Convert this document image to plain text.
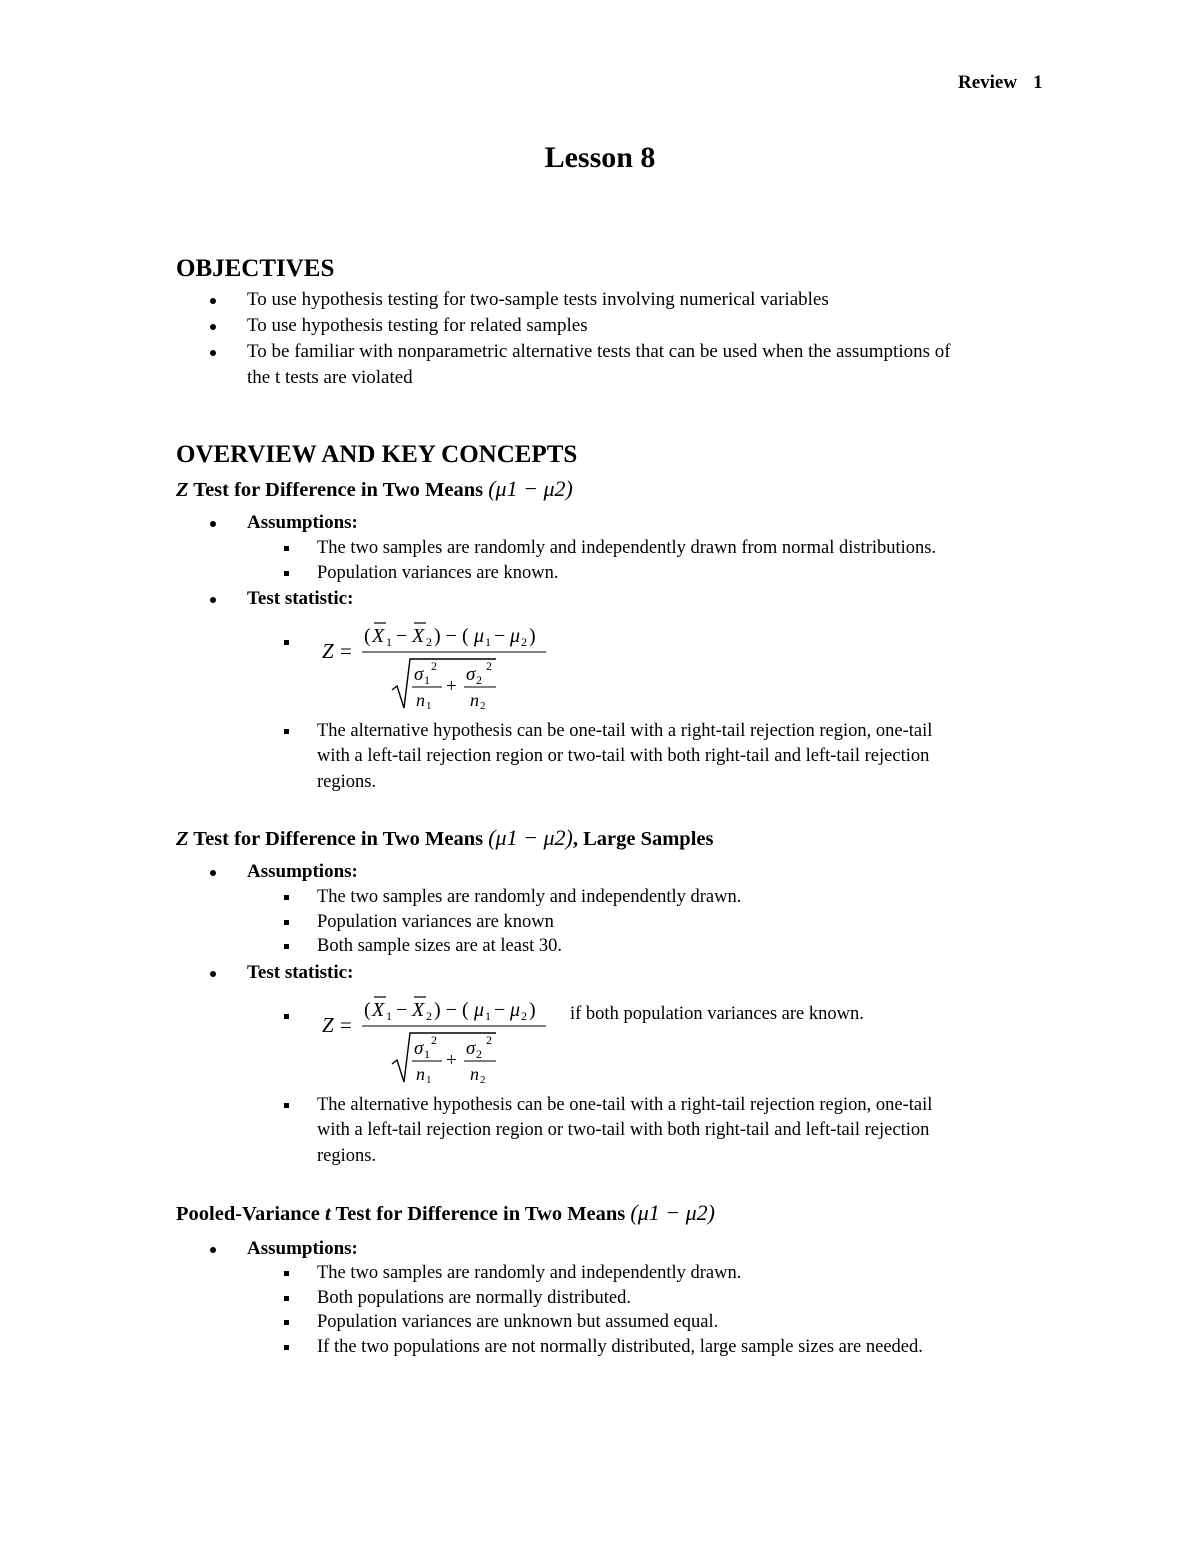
Review 1
Lesson 8
OBJECTIVES
To use hypothesis testing for two-sample tests involving numerical variables
To use hypothesis testing for related samples
To be familiar with nonparametric alternative tests that can be used when the assumptions of
the t tests are violated
OVERVIEW AND KEY CONCEPTS
Z Test for Difference in Two Means (μ1 − μ2)
Assumptions:
The two samples are randomly and independently drawn from normal distributions.
Population variances are known.
Test statistic:
Z =
( X 1 − X 2 ) − ( μ 1 − μ 2 )
σ 1
2
n 1
+
σ 2
2
n 2
The alternative hypothesis can be one-tail with a right-tail rejection region, one-tail
with a left-tail rejection region or two-tail with both right-tail and left-tail rejection
regions.
Z Test for Difference in Two Means (μ1 − μ2), Large Samples
Assumptions:
The two samples are randomly and independently drawn.
Population variances are known
Both sample sizes are at least 30.
Test statistic:
Z =
( X 1 − X 2 ) − ( μ 1 − μ 2 )
σ 1
2
n 1
+
σ 2
2
n 2
if both population variances are known.
The alternative hypothesis can be one-tail with a right-tail rejection region, one-tail
with a left-tail rejection region or two-tail with both right-tail and left-tail rejection
regions.
Pooled-Variance t Test for Difference in Two Means (μ1 − μ2)
Assumptions:
The two samples are randomly and independently drawn.
Both populations are normally distributed.
Population variances are unknown but assumed equal.
If the two populations are not normally distributed, large sample sizes are needed.
